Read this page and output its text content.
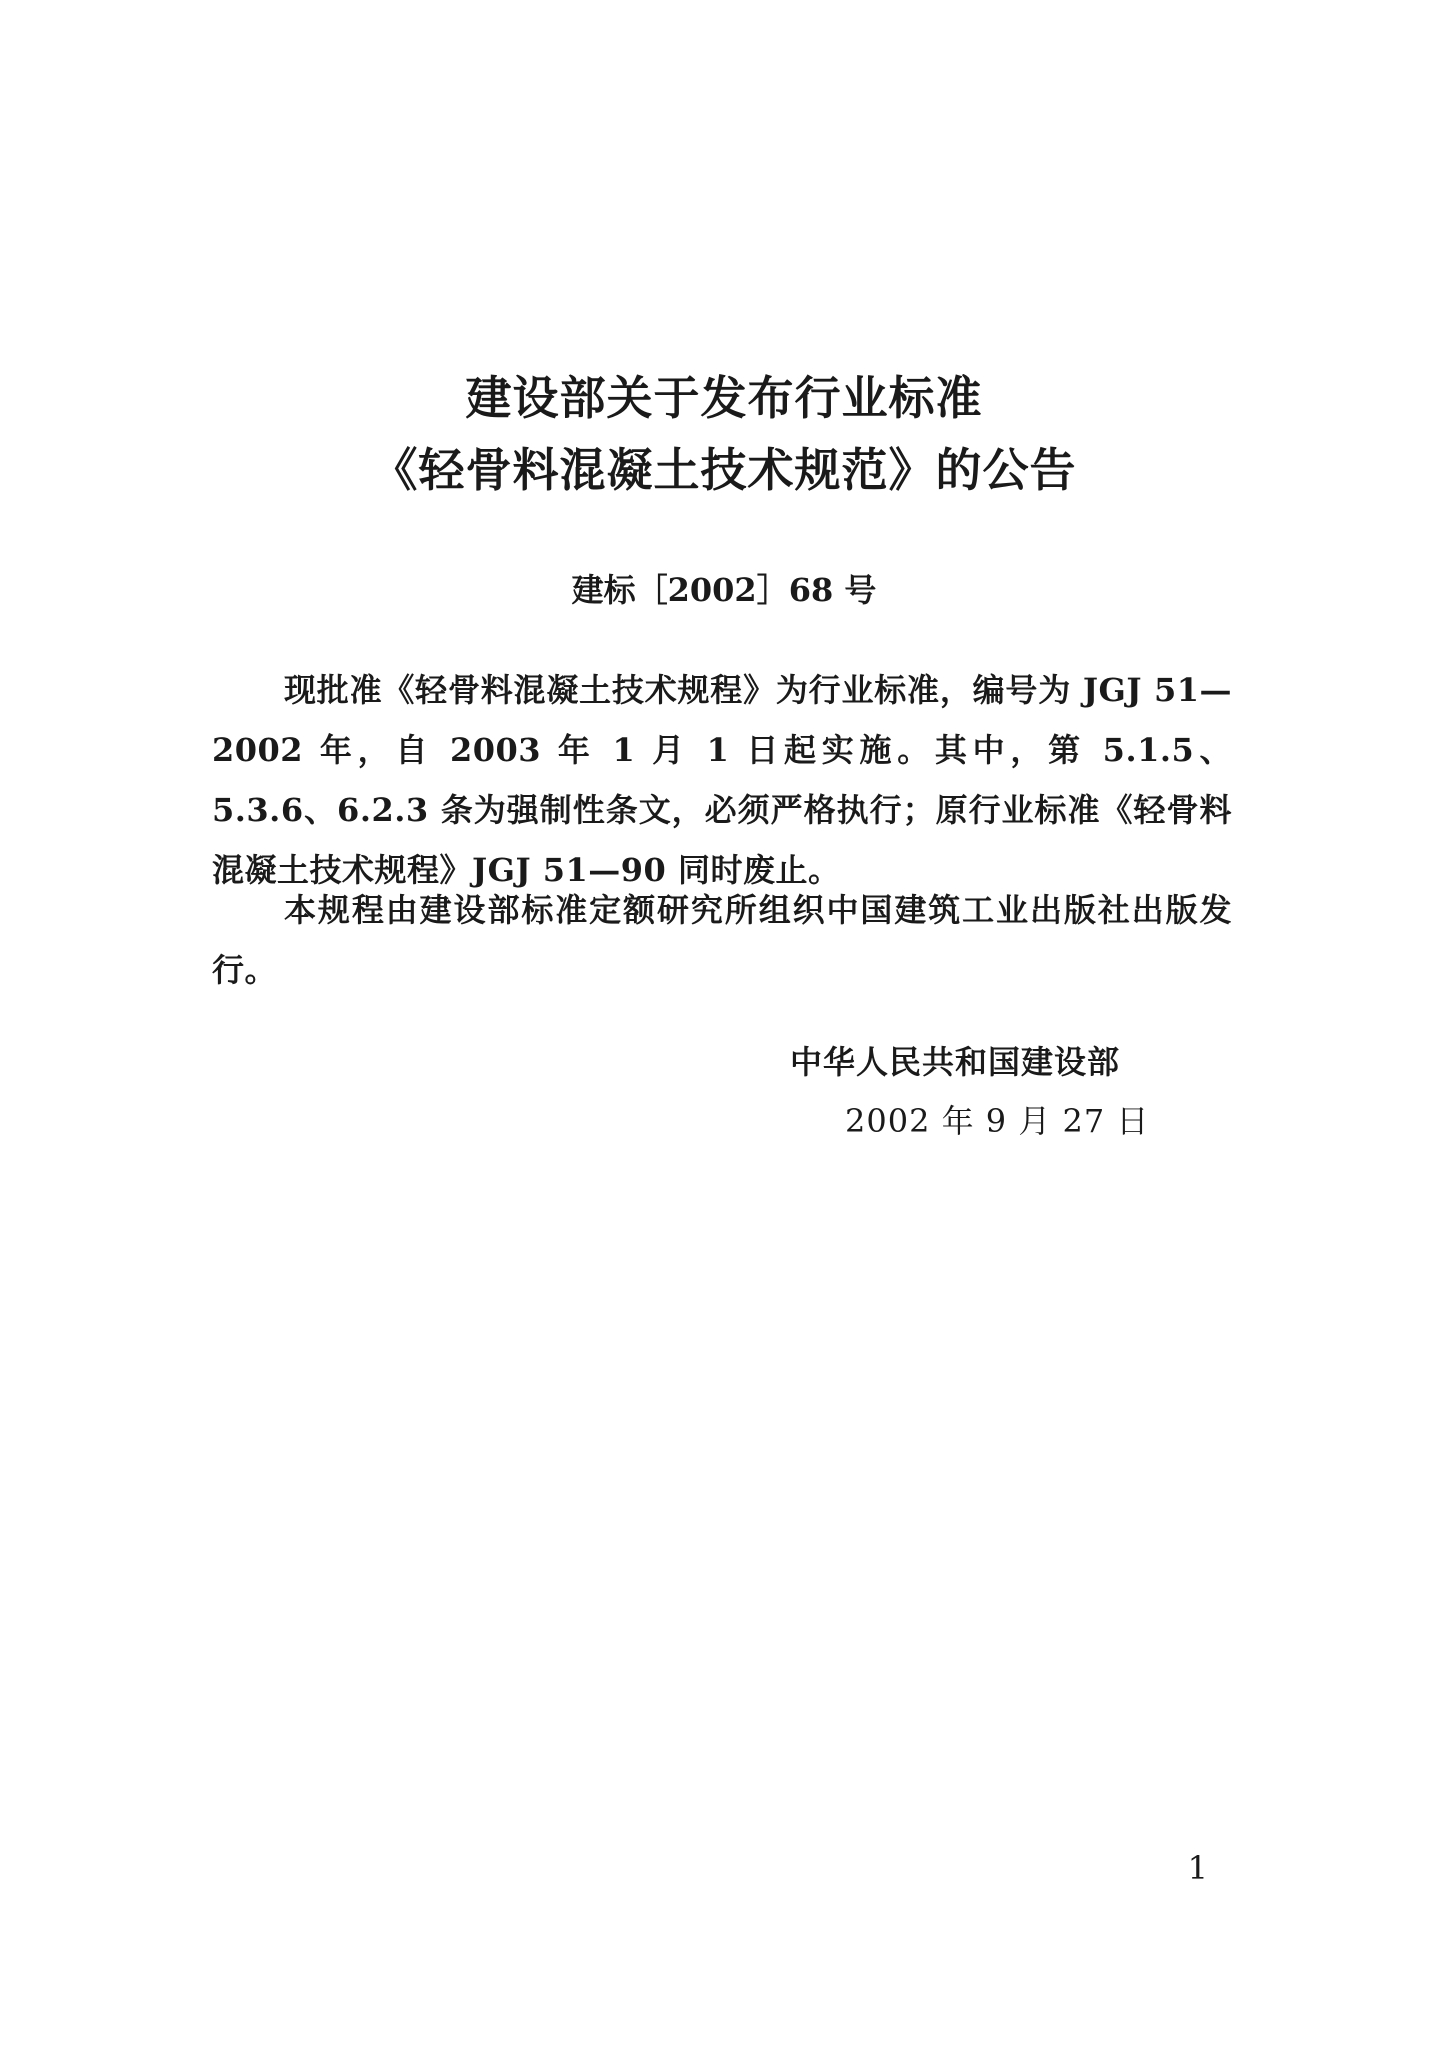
建设部关于发布行业标准
《轻骨料混凝土技术规范》的公告
建标［2002］68 号
现批准《轻骨料混凝土技术规程》为行业标准，编号为 JGJ 51—2002 年，自 2003 年 1 月 1 日起实施。其中，第 5.1.5、5.3.6、6.2.3 条为强制性条文，必须严格执行；原行业标准《轻骨料混凝土技术规程》JGJ 51—90 同时废止。
本规程由建设部标准定额研究所组织中国建筑工业出版社出版发行。
中华人民共和国建设部
2002 年 9 月 27 日
1
